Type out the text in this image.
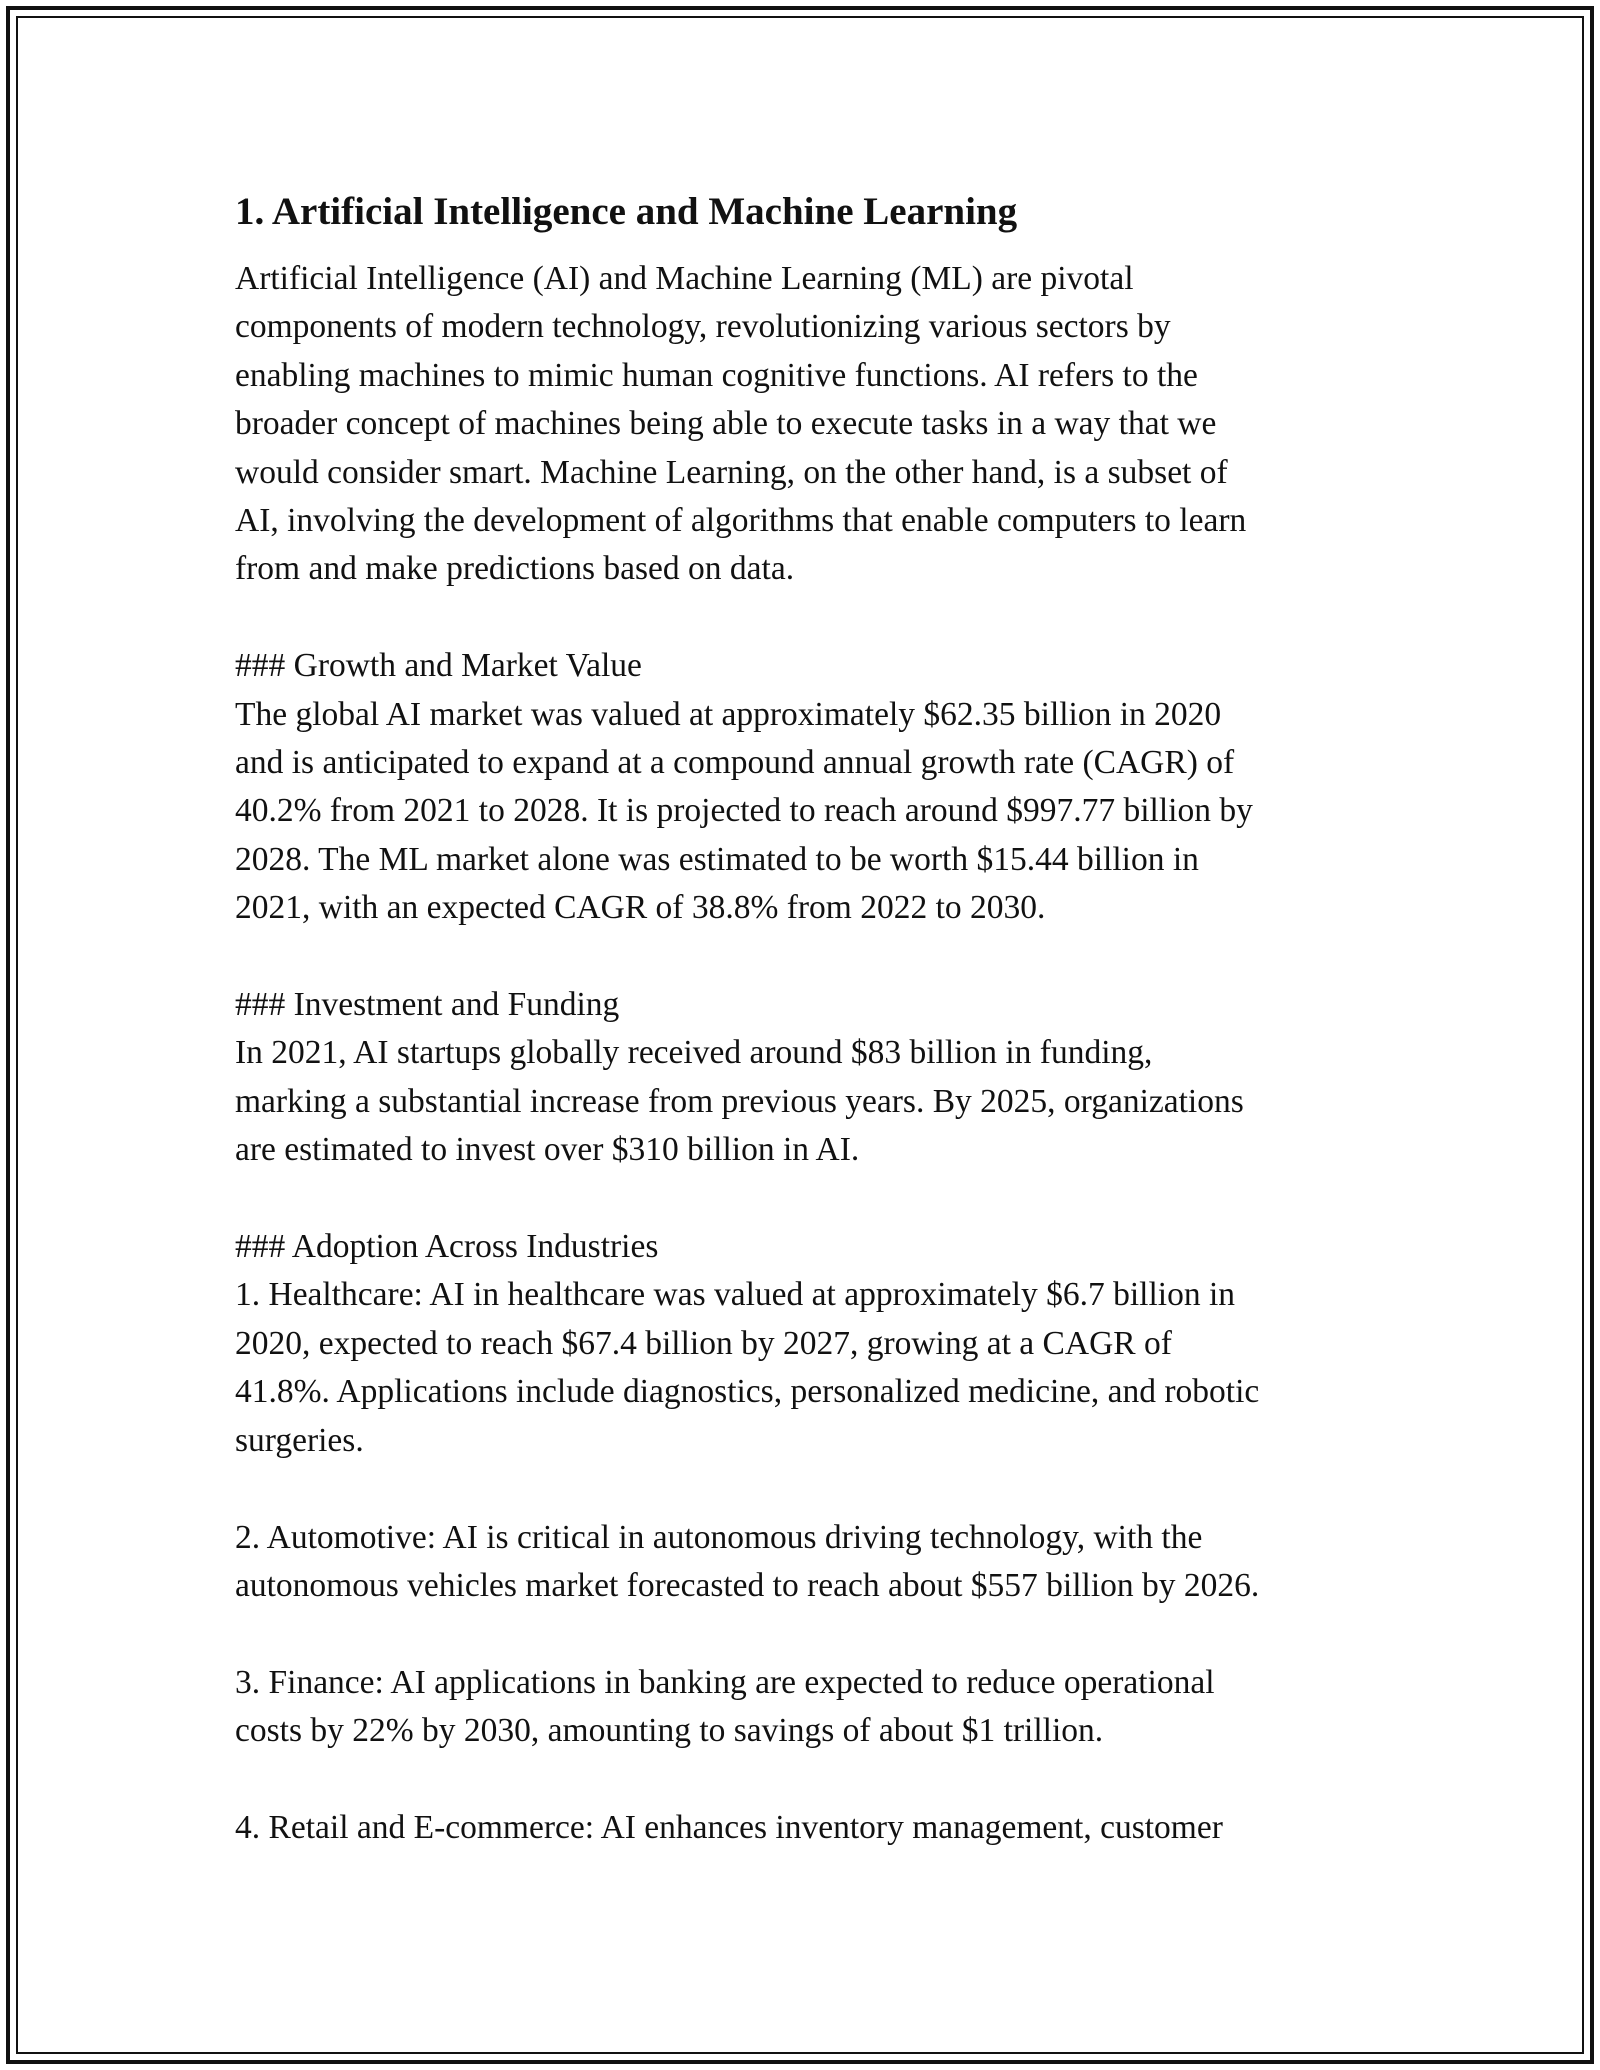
1. Artificial Intelligence and Machine Learning

Artificial Intelligence (AI) and Machine Learning (ML) are pivotal
components of modern technology, revolutionizing various sectors by
enabling machines to mimic human cognitive functions. AI refers to the
broader concept of machines being able to execute tasks in a way that we
would consider smart. Machine Learning, on the other hand, is a subset of
AI, involving the development of algorithms that enable computers to learn
from and make predictions based on data.

### Growth and Market Value

The global AI market was valued at approximately $62.35 billion in 2020
and is anticipated to expand at a compound annual growth rate (CAGR) of
40.2% from 2021 to 2028. It is projected to reach around $997.77 billion by
2028. The ML market alone was estimated to be worth $15.44 billion in
2021, with an expected CAGR of 38.8% from 2022 to 2030.

### Investment and Funding

In 2021, AI startups globally received around $83 billion in funding,
marking a substantial increase from previous years. By 2025, organizations
are estimated to invest over $310 billion in AI.

### Adoption Across Industries

1. Healthcare: AI in healthcare was valued at approximately $6.7 billion in
2020, expected to reach $67.4 billion by 2027, growing at a CAGR of
41.8%. Applications include diagnostics, personalized medicine, and robotic
surgeries.

2. Automotive: AI is critical in autonomous driving technology, with the
autonomous vehicles market forecasted to reach about $557 billion by 2026.

3. Finance: AI applications in banking are expected to reduce operational
costs by 22% by 2030, amounting to savings of about $1 trillion.

4. Retail and E-commerce: AI enhances inventory management, customer
